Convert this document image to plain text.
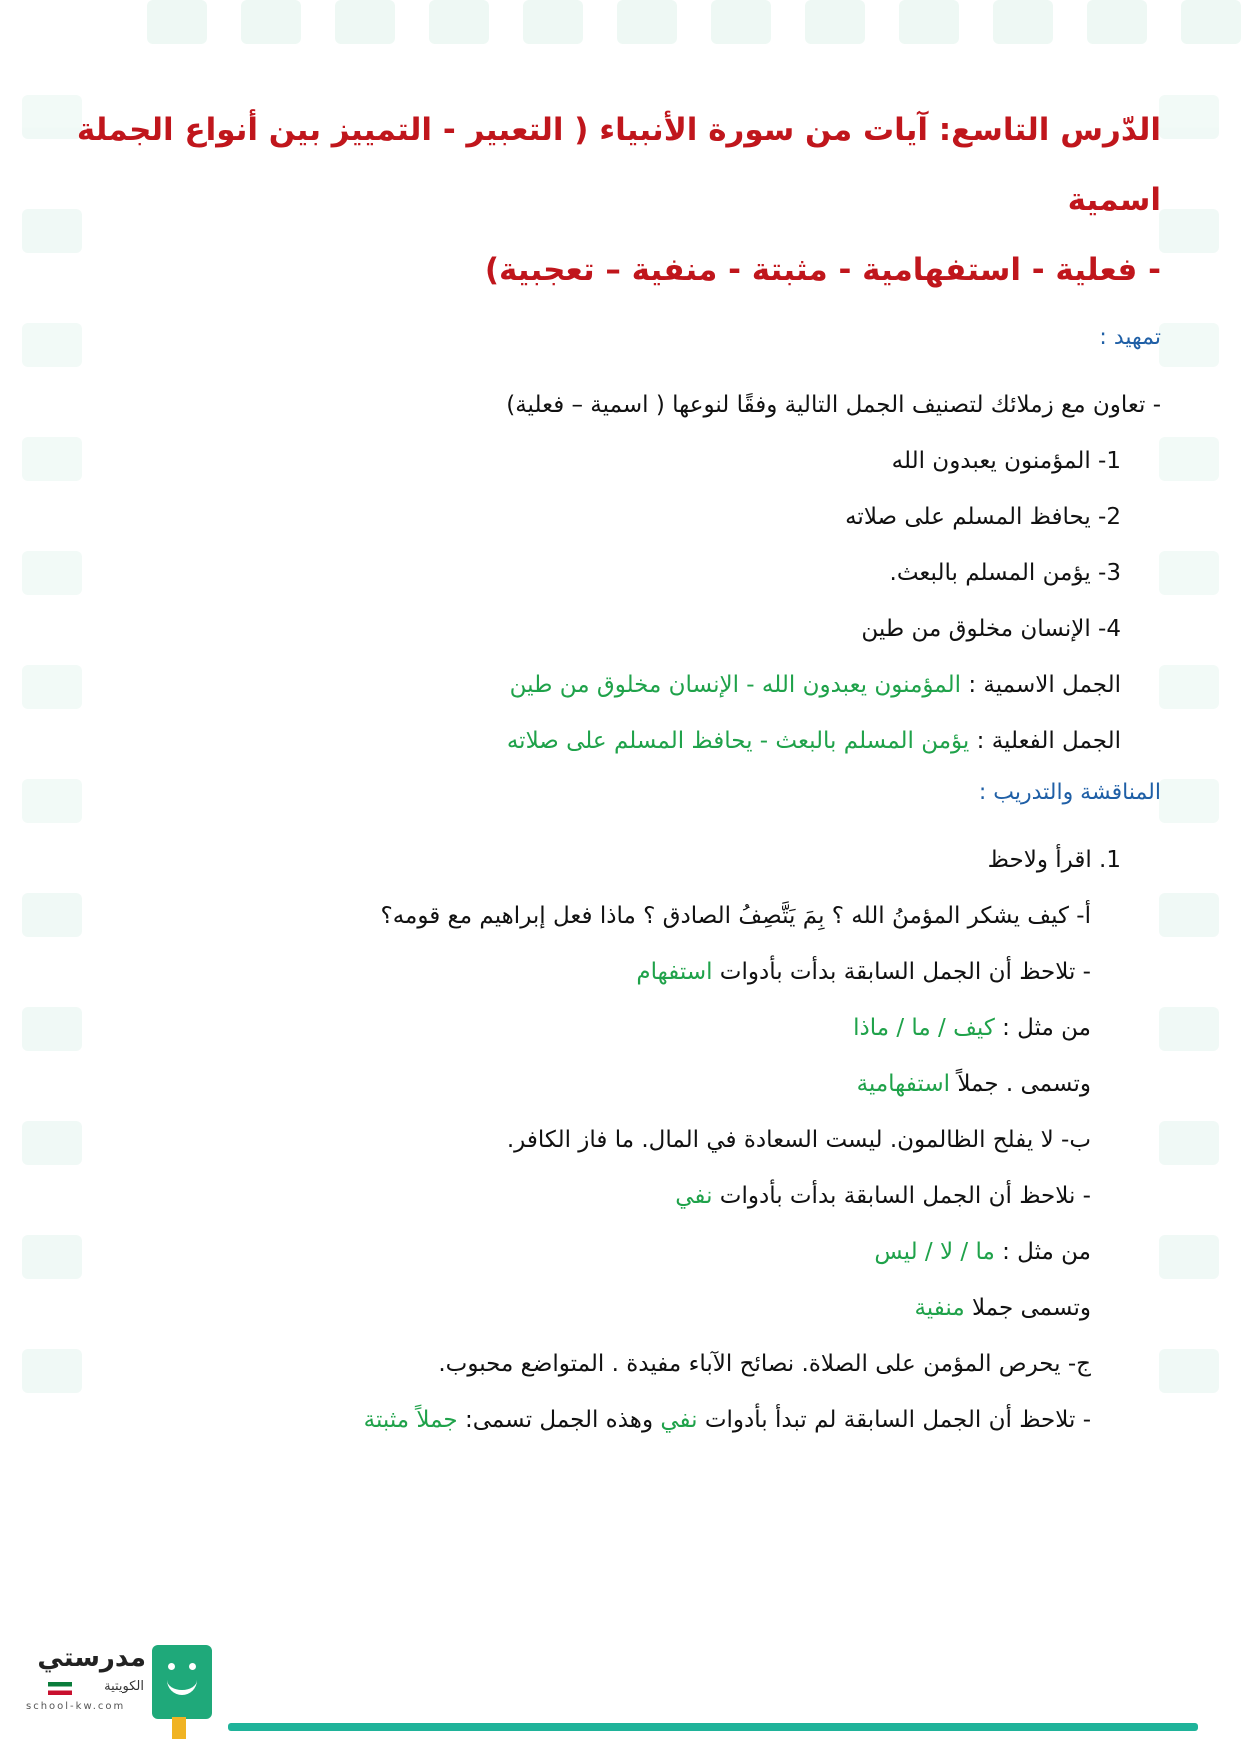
الدّرس التاسع: آيات من سورة الأنبياء ( التعبير - التمييز بين أنواع الجملة اسمية
- فعلية - استفهامية - مثبتة - منفية – تعجبية)
تمهيد :
- تعاون مع زملائك لتصنيف الجمل التالية وفقًا لنوعها ( اسمية – فعلية)
1- المؤمنون يعبدون الله
2- يحافظ المسلم على صلاته
3- يؤمن المسلم بالبعث.
4- الإنسان مخلوق من طين
الجمل الاسمية : المؤمنون يعبدون الله - الإنسان مخلوق من طين
الجمل الفعلية : يؤمن المسلم بالبعث - يحافظ المسلم على صلاته
المناقشة والتدريب :
1. اقرأ ولاحظ
أ- كيف يشكر المؤمنُ الله ؟ بِمَ يَتَّصِفُ الصادق ؟ ماذا فعل إبراهيم مع قومه؟
- تلاحظ أن الجمل السابقة بدأت بأدوات استفهام
من مثل : كيف / ما / ماذا
وتسمى . جملاً استفهامية
ب- لا يفلح الظالمون. ليست السعادة في المال. ما فاز الكافر.
- نلاحظ أن الجمل السابقة بدأت بأدوات نفي
من مثل : ما / لا / ليس
وتسمى جملا منفية
ج- يحرص المؤمن على الصلاة. نصائح الآباء مفيدة . المتواضع محبوب.
- تلاحظ أن الجمل السابقة لم تبدأ بأدوات نفي وهذه الجمل تسمى: جملاً مثبتة
مدرستي
الكويتية
school-kw.com
